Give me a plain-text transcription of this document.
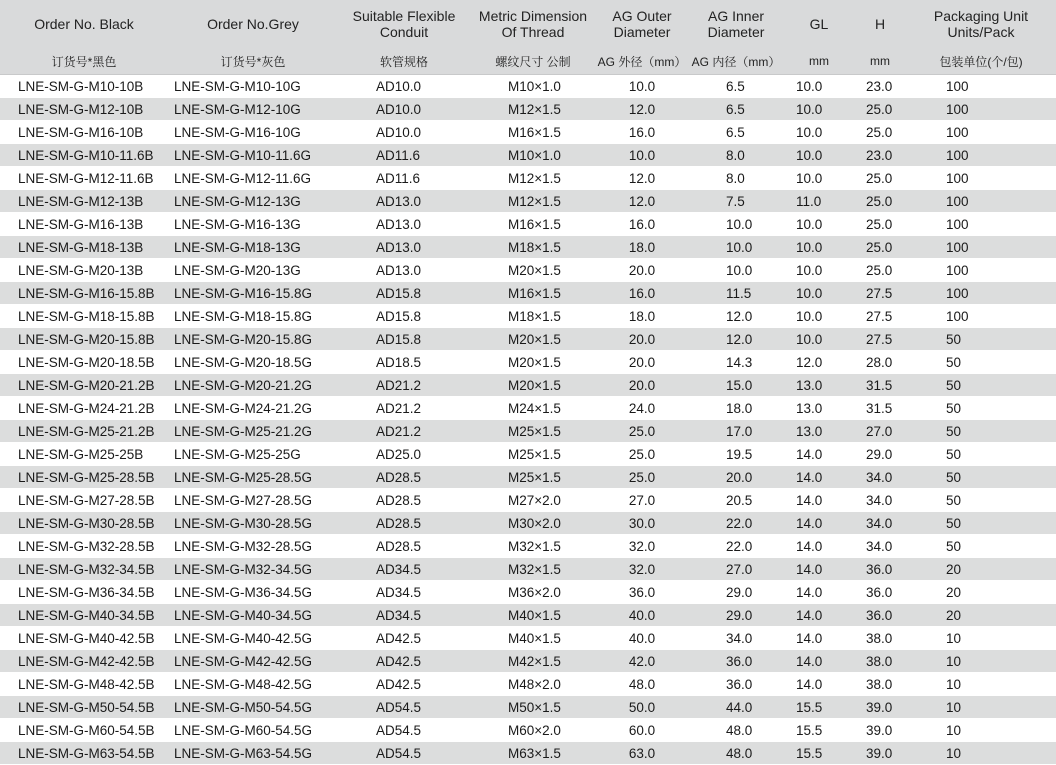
Order No. Black	Order No.Grey	Suitable Flexible Conduit	Metric Dimension Of Thread	AG Outer Diameter	AG Inner Diameter	GL	H	Packaging Unit Units/Pack
订货号*黑色	订货号*灰色	软管规格	螺纹尺寸 公制	AG 外径（mm）	AG 内径（mm）	mm	mm	包装单位(个/包)
LNE-SM-G-M10-10B	LNE-SM-G-M10-10G	AD10.0	M10×1.0	10.0	6.5	10.0	23.0	100
LNE-SM-G-M12-10B	LNE-SM-G-M12-10G	AD10.0	M12×1.5	12.0	6.5	10.0	25.0	100
LNE-SM-G-M16-10B	LNE-SM-G-M16-10G	AD10.0	M16×1.5	16.0	6.5	10.0	25.0	100
LNE-SM-G-M10-11.6B	LNE-SM-G-M10-11.6G	AD11.6	M10×1.0	10.0	8.0	10.0	23.0	100
LNE-SM-G-M12-11.6B	LNE-SM-G-M12-11.6G	AD11.6	M12×1.5	12.0	8.0	10.0	25.0	100
LNE-SM-G-M12-13B	LNE-SM-G-M12-13G	AD13.0	M12×1.5	12.0	7.5	11.0	25.0	100
LNE-SM-G-M16-13B	LNE-SM-G-M16-13G	AD13.0	M16×1.5	16.0	10.0	10.0	25.0	100
LNE-SM-G-M18-13B	LNE-SM-G-M18-13G	AD13.0	M18×1.5	18.0	10.0	10.0	25.0	100
LNE-SM-G-M20-13B	LNE-SM-G-M20-13G	AD13.0	M20×1.5	20.0	10.0	10.0	25.0	100
LNE-SM-G-M16-15.8B	LNE-SM-G-M16-15.8G	AD15.8	M16×1.5	16.0	11.5	10.0	27.5	100
LNE-SM-G-M18-15.8B	LNE-SM-G-M18-15.8G	AD15.8	M18×1.5	18.0	12.0	10.0	27.5	100
LNE-SM-G-M20-15.8B	LNE-SM-G-M20-15.8G	AD15.8	M20×1.5	20.0	12.0	10.0	27.5	50
LNE-SM-G-M20-18.5B	LNE-SM-G-M20-18.5G	AD18.5	M20×1.5	20.0	14.3	12.0	28.0	50
LNE-SM-G-M20-21.2B	LNE-SM-G-M20-21.2G	AD21.2	M20×1.5	20.0	15.0	13.0	31.5	50
LNE-SM-G-M24-21.2B	LNE-SM-G-M24-21.2G	AD21.2	M24×1.5	24.0	18.0	13.0	31.5	50
LNE-SM-G-M25-21.2B	LNE-SM-G-M25-21.2G	AD21.2	M25×1.5	25.0	17.0	13.0	27.0	50
LNE-SM-G-M25-25B	LNE-SM-G-M25-25G	AD25.0	M25×1.5	25.0	19.5	14.0	29.0	50
LNE-SM-G-M25-28.5B	LNE-SM-G-M25-28.5G	AD28.5	M25×1.5	25.0	20.0	14.0	34.0	50
LNE-SM-G-M27-28.5B	LNE-SM-G-M27-28.5G	AD28.5	M27×2.0	27.0	20.5	14.0	34.0	50
LNE-SM-G-M30-28.5B	LNE-SM-G-M30-28.5G	AD28.5	M30×2.0	30.0	22.0	14.0	34.0	50
LNE-SM-G-M32-28.5B	LNE-SM-G-M32-28.5G	AD28.5	M32×1.5	32.0	22.0	14.0	34.0	50
LNE-SM-G-M32-34.5B	LNE-SM-G-M32-34.5G	AD34.5	M32×1.5	32.0	27.0	14.0	36.0	20
LNE-SM-G-M36-34.5B	LNE-SM-G-M36-34.5G	AD34.5	M36×2.0	36.0	29.0	14.0	36.0	20
LNE-SM-G-M40-34.5B	LNE-SM-G-M40-34.5G	AD34.5	M40×1.5	40.0	29.0	14.0	36.0	20
LNE-SM-G-M40-42.5B	LNE-SM-G-M40-42.5G	AD42.5	M40×1.5	40.0	34.0	14.0	38.0	10
LNE-SM-G-M42-42.5B	LNE-SM-G-M42-42.5G	AD42.5	M42×1.5	42.0	36.0	14.0	38.0	10
LNE-SM-G-M48-42.5B	LNE-SM-G-M48-42.5G	AD42.5	M48×2.0	48.0	36.0	14.0	38.0	10
LNE-SM-G-M50-54.5B	LNE-SM-G-M50-54.5G	AD54.5	M50×1.5	50.0	44.0	15.5	39.0	10
LNE-SM-G-M60-54.5B	LNE-SM-G-M60-54.5G	AD54.5	M60×2.0	60.0	48.0	15.5	39.0	10
LNE-SM-G-M63-54.5B	LNE-SM-G-M63-54.5G	AD54.5	M63×1.5	63.0	48.0	15.5	39.0	10
